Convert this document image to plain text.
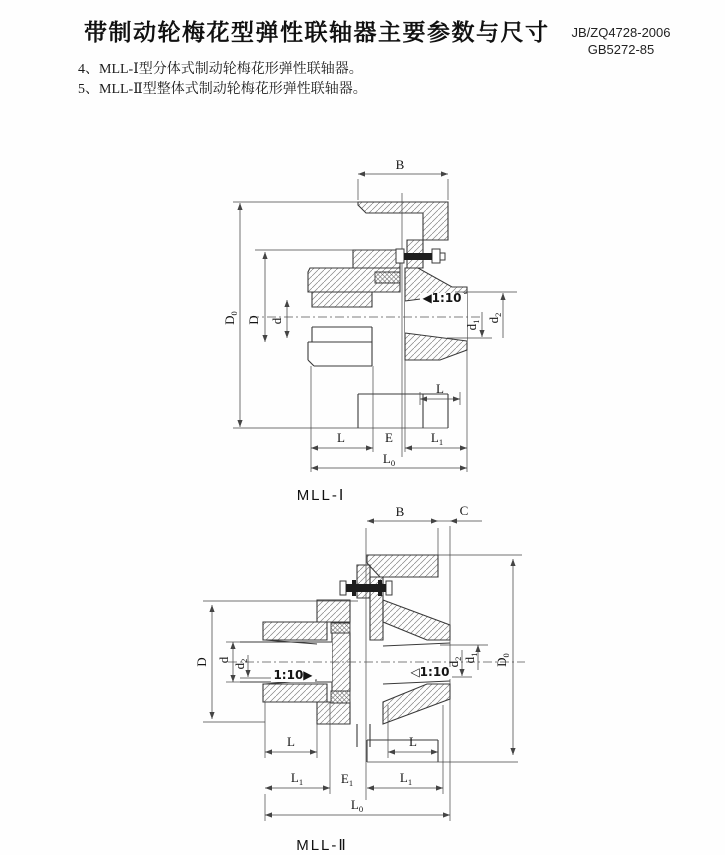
带制动轮梅花型弹性联轴器主要参数与尺寸	JB/ZQ4728-2006
GB5272-85
4、MLL-Ⅰ型分体式制动轮梅花形弹性联轴器。
5、MLL-Ⅱ型整体式制动轮梅花形弹性联轴器。
B
$D_0$
D d
$d_1$ $d_2$
◀1:10
L
L	E	$L_1$
$L_0$
MLL-Ⅰ
B	C
$D_0$
D d
$d_2$
$d_2$ $d_1$
1:10▶	◁1:10
L	L
$L_1$	$E_1$	$L_1$
$L_0$
MLL-Ⅱ
